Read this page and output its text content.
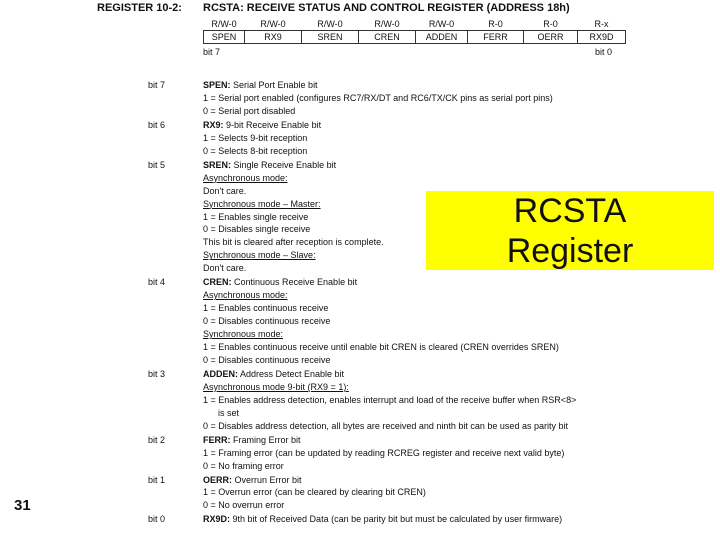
REGISTER 10-2: RCSTA: RECEIVE STATUS AND CONTROL REGISTER (ADDRESS 18h)
R/W-0	R/W-0	R/W-0	R/W-0	R/W-0	R-0	R-0	R-x
SPEN	RX9	SREN	CREN	ADDEN	FERR	OERR	RX9D
bit 7	bit 0
bit 7	SPEN: Serial Port Enable bit
1 = Serial port enabled (configures RC7/RX/DT and RC6/TX/CK pins as serial port pins)
0 = Serial port disabled
bit 6	RX9: 9-bit Receive Enable bit
1 = Selects 9-bit reception
0 = Selects 8-bit reception
bit 5	SREN: Single Receive Enable bit
Asynchronous mode:
Don't care.
Synchronous mode – Master:
1 = Enables single receive
0 = Disables single receive
This bit is cleared after reception is complete.
Synchronous mode – Slave:
Don't care.
bit 4	CREN: Continuous Receive Enable bit
Asynchronous mode:
1 = Enables continuous receive
0 = Disables continuous receive
Synchronous mode:
1 = Enables continuous receive until enable bit CREN is cleared (CREN overrides SREN)
0 = Disables continuous receive
bit 3	ADDEN: Address Detect Enable bit
Asynchronous mode 9-bit (RX9 = 1):
1 = Enables address detection, enables interrupt and load of the receive buffer when RSR<8>
is set
0 = Disables address detection, all bytes are received and ninth bit can be used as parity bit
bit 2	FERR: Framing Error bit
1 = Framing error (can be updated by reading RCREG register and receive next valid byte)
0 = No framing error
bit 1	OERR: Overrun Error bit
1 = Overrun error (can be cleared by clearing bit CREN)
0 = No overrun error
bit 0	RX9D: 9th bit of Received Data (can be parity bit but must be calculated by user firmware)
RCSTA
Register
31
